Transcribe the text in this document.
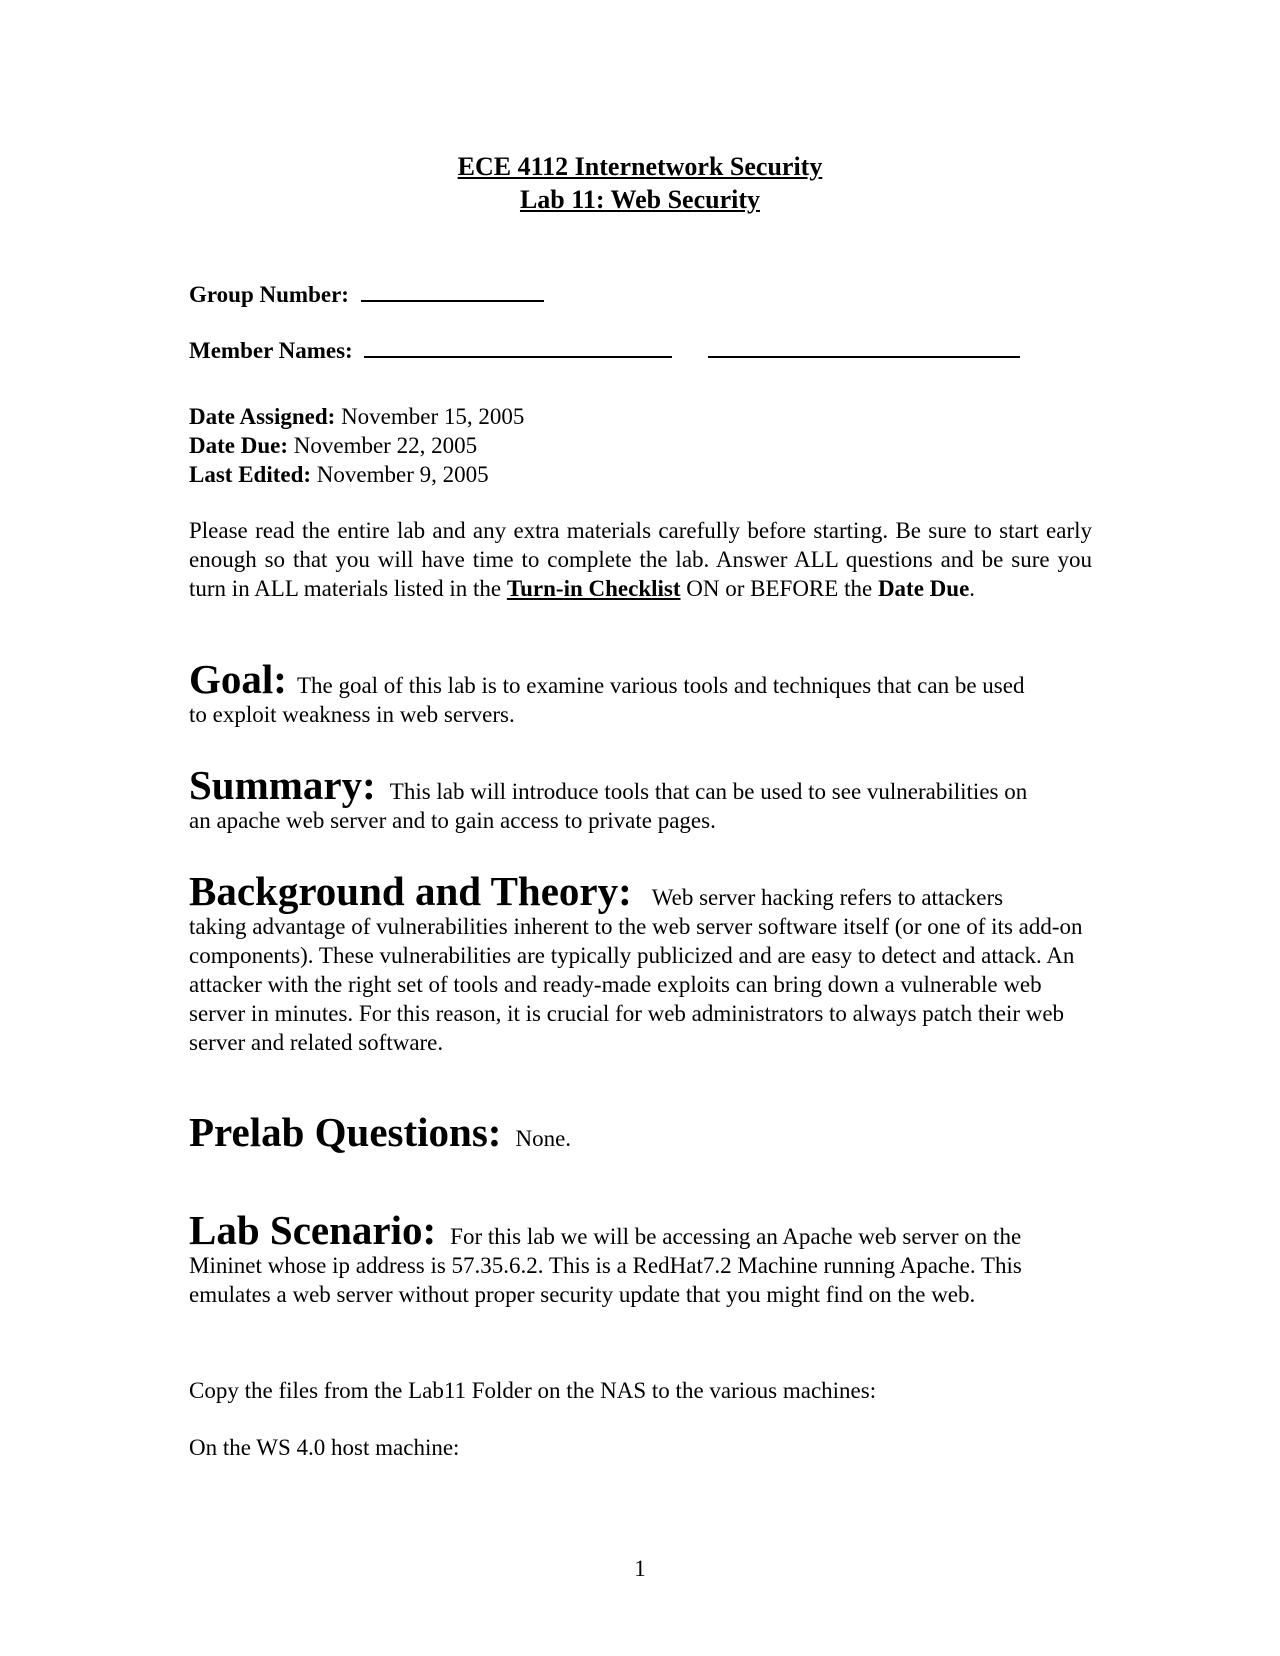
ECE 4112 Internetwork Security
Lab 11: Web Security
Group Number:
Member Names:
Date Assigned: November 15, 2005
Date Due: November 22, 2005
Last Edited: November 9, 2005
Please read the entire lab and any extra materials carefully before starting. Be sure to start early enough so that you will have time to complete the lab. Answer ALL questions and be sure you turn in ALL materials listed in the Turn-in Checklist ON or BEFORE the Date Due.
Goal: The goal of this lab is to examine various tools and techniques that can be used
to exploit weakness in web servers.
Summary: This lab will introduce tools that can be used to see vulnerabilities on
an apache web server and to gain access to private pages.
Background and Theory: Web server hacking refers to attackers
taking advantage of vulnerabilities inherent to the web server software itself (or one of its add-on components). These vulnerabilities are typically publicized and are easy to detect and attack. An attacker with the right set of tools and ready-made exploits can bring down a vulnerable web server in minutes. For this reason, it is crucial for web administrators to always patch their web server and related software.
Prelab Questions: None.
Lab Scenario: For this lab we will be accessing an Apache web server on the
Mininet whose ip address is 57.35.6.2. This is a RedHat7.2 Machine running Apache. This emulates a web server without proper security update that you might find on the web.
Copy the files from the Lab11 Folder on the NAS to the various machines:
On the WS 4.0 host machine:
1
